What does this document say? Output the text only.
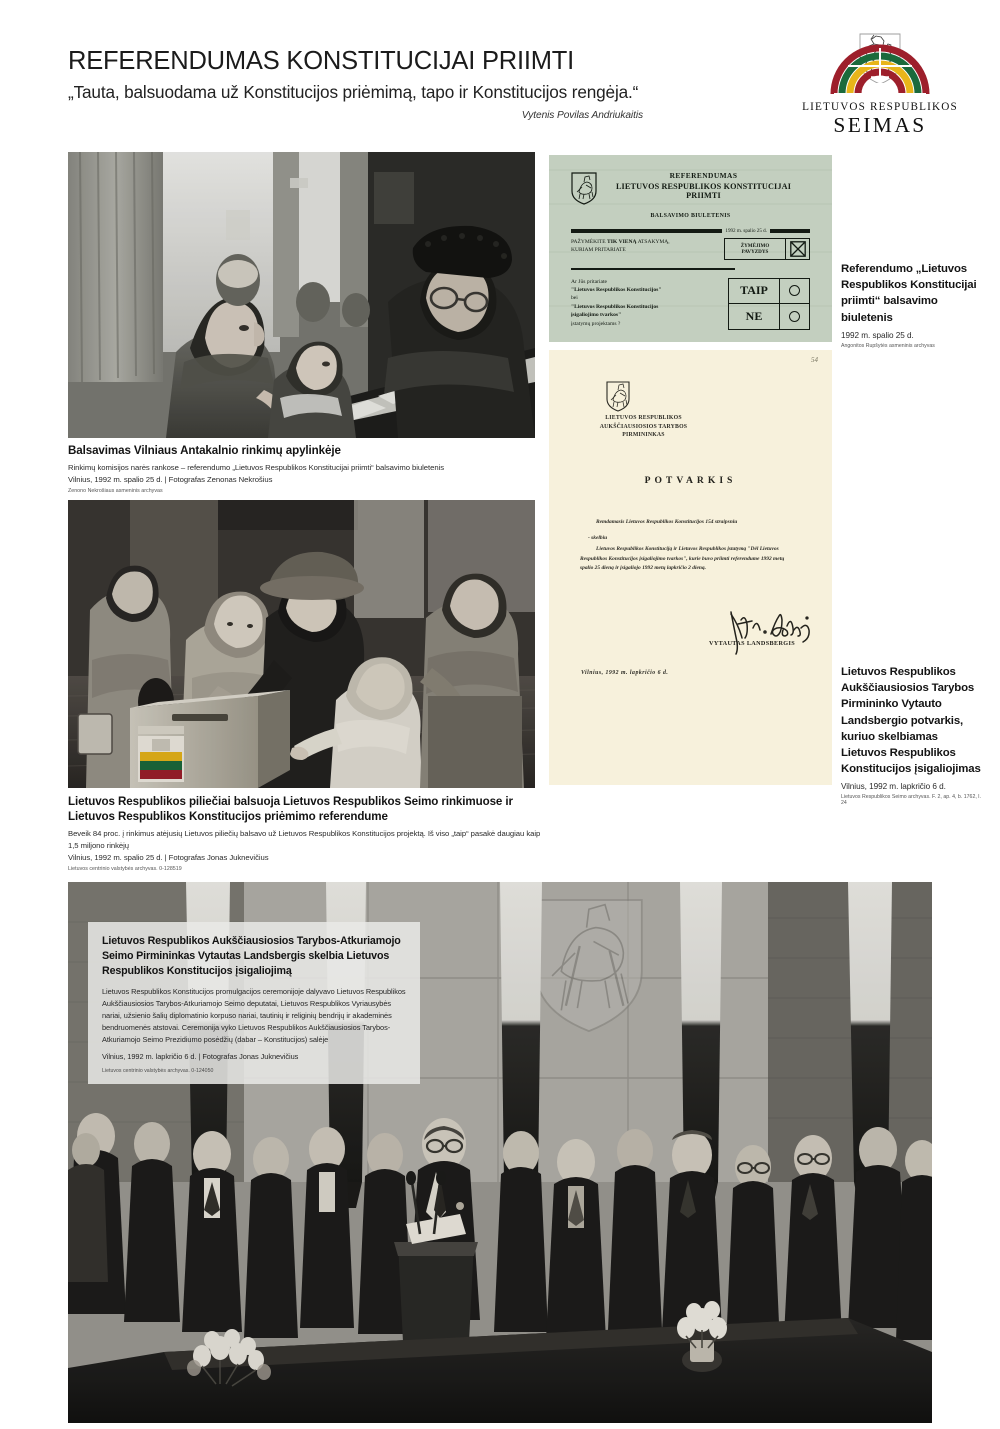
REFERENDUMAS KONSTITUCIJAI PRIIMTI
„Tauta, balsuodama už Konstitucijos priėmimą, tapo ir Konstitucijos rengėja.“
Vytenis Povilas Andriukaitis
LIETUVOS RESPUBLIKOS
SEIMAS
Balsavimas Vilniaus Antakalnio rinkimų apylinkėje
Rinkimų komisijos narės rankose – referendumo „Lietuvos Respublikos Konstitucijai priimti“ balsavimo biuletenis
Vilnius, 1992 m. spalio 25 d. | Fotografas Zenonas Nekrošius
Zenono Nekrošiaus asmeninis archyvas
Lietuvos Respublikos piliečiai balsuoja Lietuvos Respublikos Seimo rinkimuose ir
Lietuvos Respublikos Konstitucijos priėmimo referendume
Beveik 84 proc. į rinkimus atėjusių Lietuvos piliečių balsavo už Lietuvos Respublikos Konstitucijos projektą. Iš viso „taip“ pasakė daugiau kaip 1,5 miljono rinkėjų
Vilnius, 1992 m. spalio 25 d. | Fotografas Jonas Juknevičius
Lietuvos centrinio valstybės archyvas. 0-128519
REFERENDUMAS
LIETUVOS RESPUBLIKOS KONSTITUCIJAI PRIIMTI
BALSAVIMO BIULETENIS
1992 m. spalio 25 d.
PAŽYMĖKITE TIK VIENĄ ATSAKYMĄ,
KURIAM PRITARIATE
ŽYMĖJIMO
PAVYZDYS
Ar Jūs pritariate
"Lietuvos Respublikos Konstitucijos"
bei
"Lietuvos Respublikos Konstitucijos
įsigaliojimo tvarkos"
įstatymų projektams ?
TAIP
NE
Referendumo „Lietuvos Respublikos Konstitucijai priimti“ balsavimo biuletenis
1992 m. spalio 25 d.
Angonitos Rupšytės asmeninis archyvas
54
LIETUVOS RESPUBLIKOS
AUKŠČIAUSIOSIOS TARYBOS
PIRMININKAS
POTVARKIS
Remdamasis Lietuvos Respublikos Konstitucijos 154 straipsniu
- skelbiu
Lietuvos Respublikos Konstituciją ir Lietuvos Respublikos įstatymą "Dėl Lietuvos Respublikos Konstitucijos įsigaliojimo tvarkos", kurie buvo priimti referendume 1992 metų spalio 25 dieną ir įsigaliojo 1992 metų lapkričio 2 dieną.
VYTAUTAS LANDSBERGIS
Vilnius, 1992 m. lapkričio 6 d.	Lietuvos Respublikos Aukščiausiosios Tarybos Pirmininko Vytauto Landsbergio potvarkis, kuriuo skelbiamas Lietuvos Respublikos Konstitucijos įsigaliojimas
Vilnius, 1992 m. lapkričio 6 d.
Lietuvos Respublikos Seimo archyvas. F. 2, ap. 4, b. 1762, l. 24
Lietuvos Respublikos Aukščiausiosios Tarybos-Atkuriamojo Seimo Pirmininkas Vytautas Landsbergis skelbia Lietuvos Respublikos Konstitucijos įsigaliojimą
Lietuvos Respublikos Konstitucijos promulgacijos ceremonijoje dalyvavo Lietuvos Respublikos Aukščiausiosios Tarybos-Atkuriamojo Seimo deputatai, Lietuvos Respublikos Vyriausybės nariai, užsienio šalių diplomatinio korpuso nariai, tautinių ir religinių bendrijų ir akademinės bendruomenės atstovai. Ceremonija vyko Lietuvos Respublikos Aukščiausiosios Tarybos-Atkuriamojo Seimo Prezidiumo posėdžių (dabar – Konstitucijos) salėje
Vilnius, 1992 m. lapkričio 6 d. | Fotografas Jonas Juknevičius
Lietuvos centrinio valstybės archyvas. 0-124050
